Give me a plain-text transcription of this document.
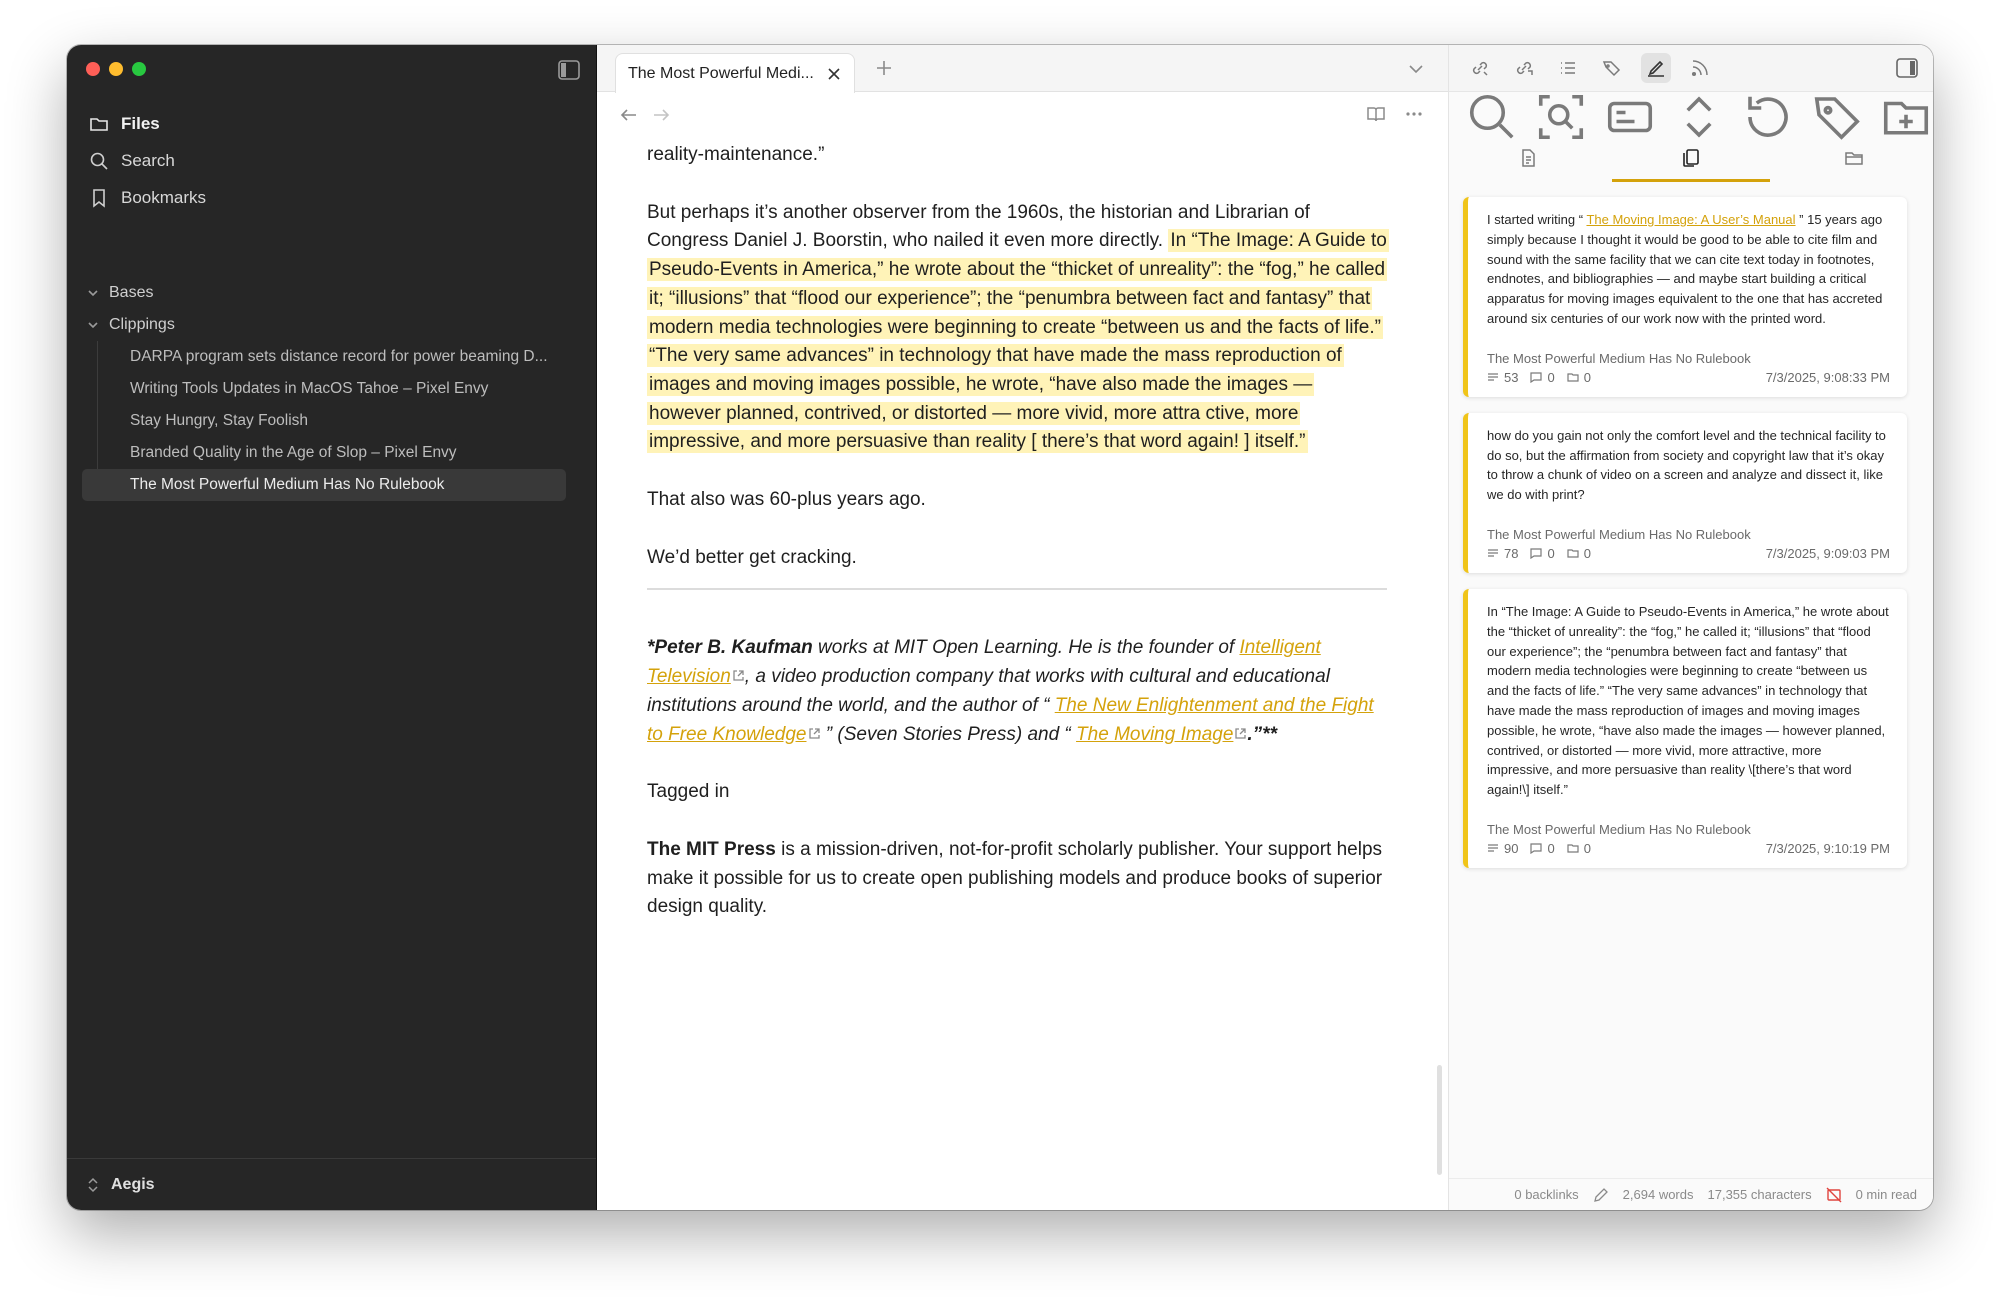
Files
Search
Bookmarks
Bases
Clippings
DARPA program sets distance record for power beaming D...
Writing Tools Updates in MacOS Tahoe – Pixel Envy
Stay Hungry, Stay Foolish
Branded Quality in the Age of Slop – Pixel Envy
The Most Powerful Medium Has No Rulebook
Aegis
The Most Powerful Medi...

reality-maintenance.”

But perhaps it’s another observer from the 1960s, the historian and Librarian of Congress Daniel J. Boorstin, who nailed it even more directly. In “The Image: A Guide to Pseudo-Events in America,” he wrote about the “thicket of unreality”: the “fog,” he called it; “illusions” that “flood our experience”; the “penumbra between fact and fantasy” that modern media technologies were beginning to create “between us and the facts of life.” “The very same advances” in technology that have made the mass reproduction of images and moving images possible, he wrote, “have also made the images — however planned, contrived, or distorted — more vivid, more attra ctive, more impressive, and more persuasive than reality [ there’s that word again! ] itself.”

That also was 60-plus years ago.

We’d better get cracking.

*Peter B. Kaufman works at MIT Open Learning. He is the founder of Intelligent Television , a video production company that works with cultural and educational institutions around the world, and the author of “ The New Enlightenment and the Fight to Free Knowledge ” (Seven Stories Press) and “ The Moving Image .”**

Tagged in

The MIT Press is a mission-driven, not-for-profit scholarly publisher. Your support helps make it possible for us to create open publishing models and produce books of superior design quality.

I started writing “ The Moving Image: A User’s Manual ” 15 years ago simply because I thought it would be good to be able to cite film and sound with the same facility that we can cite text today in footnotes, endnotes, and bibliographies — and maybe start building a critical apparatus for moving images equivalent to the one that has accreted around six centuries of our work now with the printed word.
The Most Powerful Medium Has No Rulebook
53 0 0	7/3/2025, 9:08:33 PM
how do you gain not only the comfort level and the technical facility to do so, but the affirmation from society and copyright law that it’s okay to throw a chunk of video on a screen and analyze and dissect it, like we do with print?
The Most Powerful Medium Has No Rulebook
78 0 0	7/3/2025, 9:09:03 PM
In “The Image: A Guide to Pseudo-Events in America,” he wrote about the “thicket of unreality”: the “fog,” he called it; “illusions” that “flood our experience”; the “penumbra between fact and fantasy” that modern media technologies were beginning to create “between us and the facts of life.” “The very same advances” in technology that have made the mass reproduction of images and moving images possible, he wrote, “have also made the images — however planned, contrived, or distorted — more vivid, more attractive, more impressive, and more persuasive than reality \[there’s that word again!\] itself.”
The Most Powerful Medium Has No Rulebook
90 0 0	7/3/2025, 9:10:19 PM
0 backlinks	2,694 words 17,355 characters	0 min read
